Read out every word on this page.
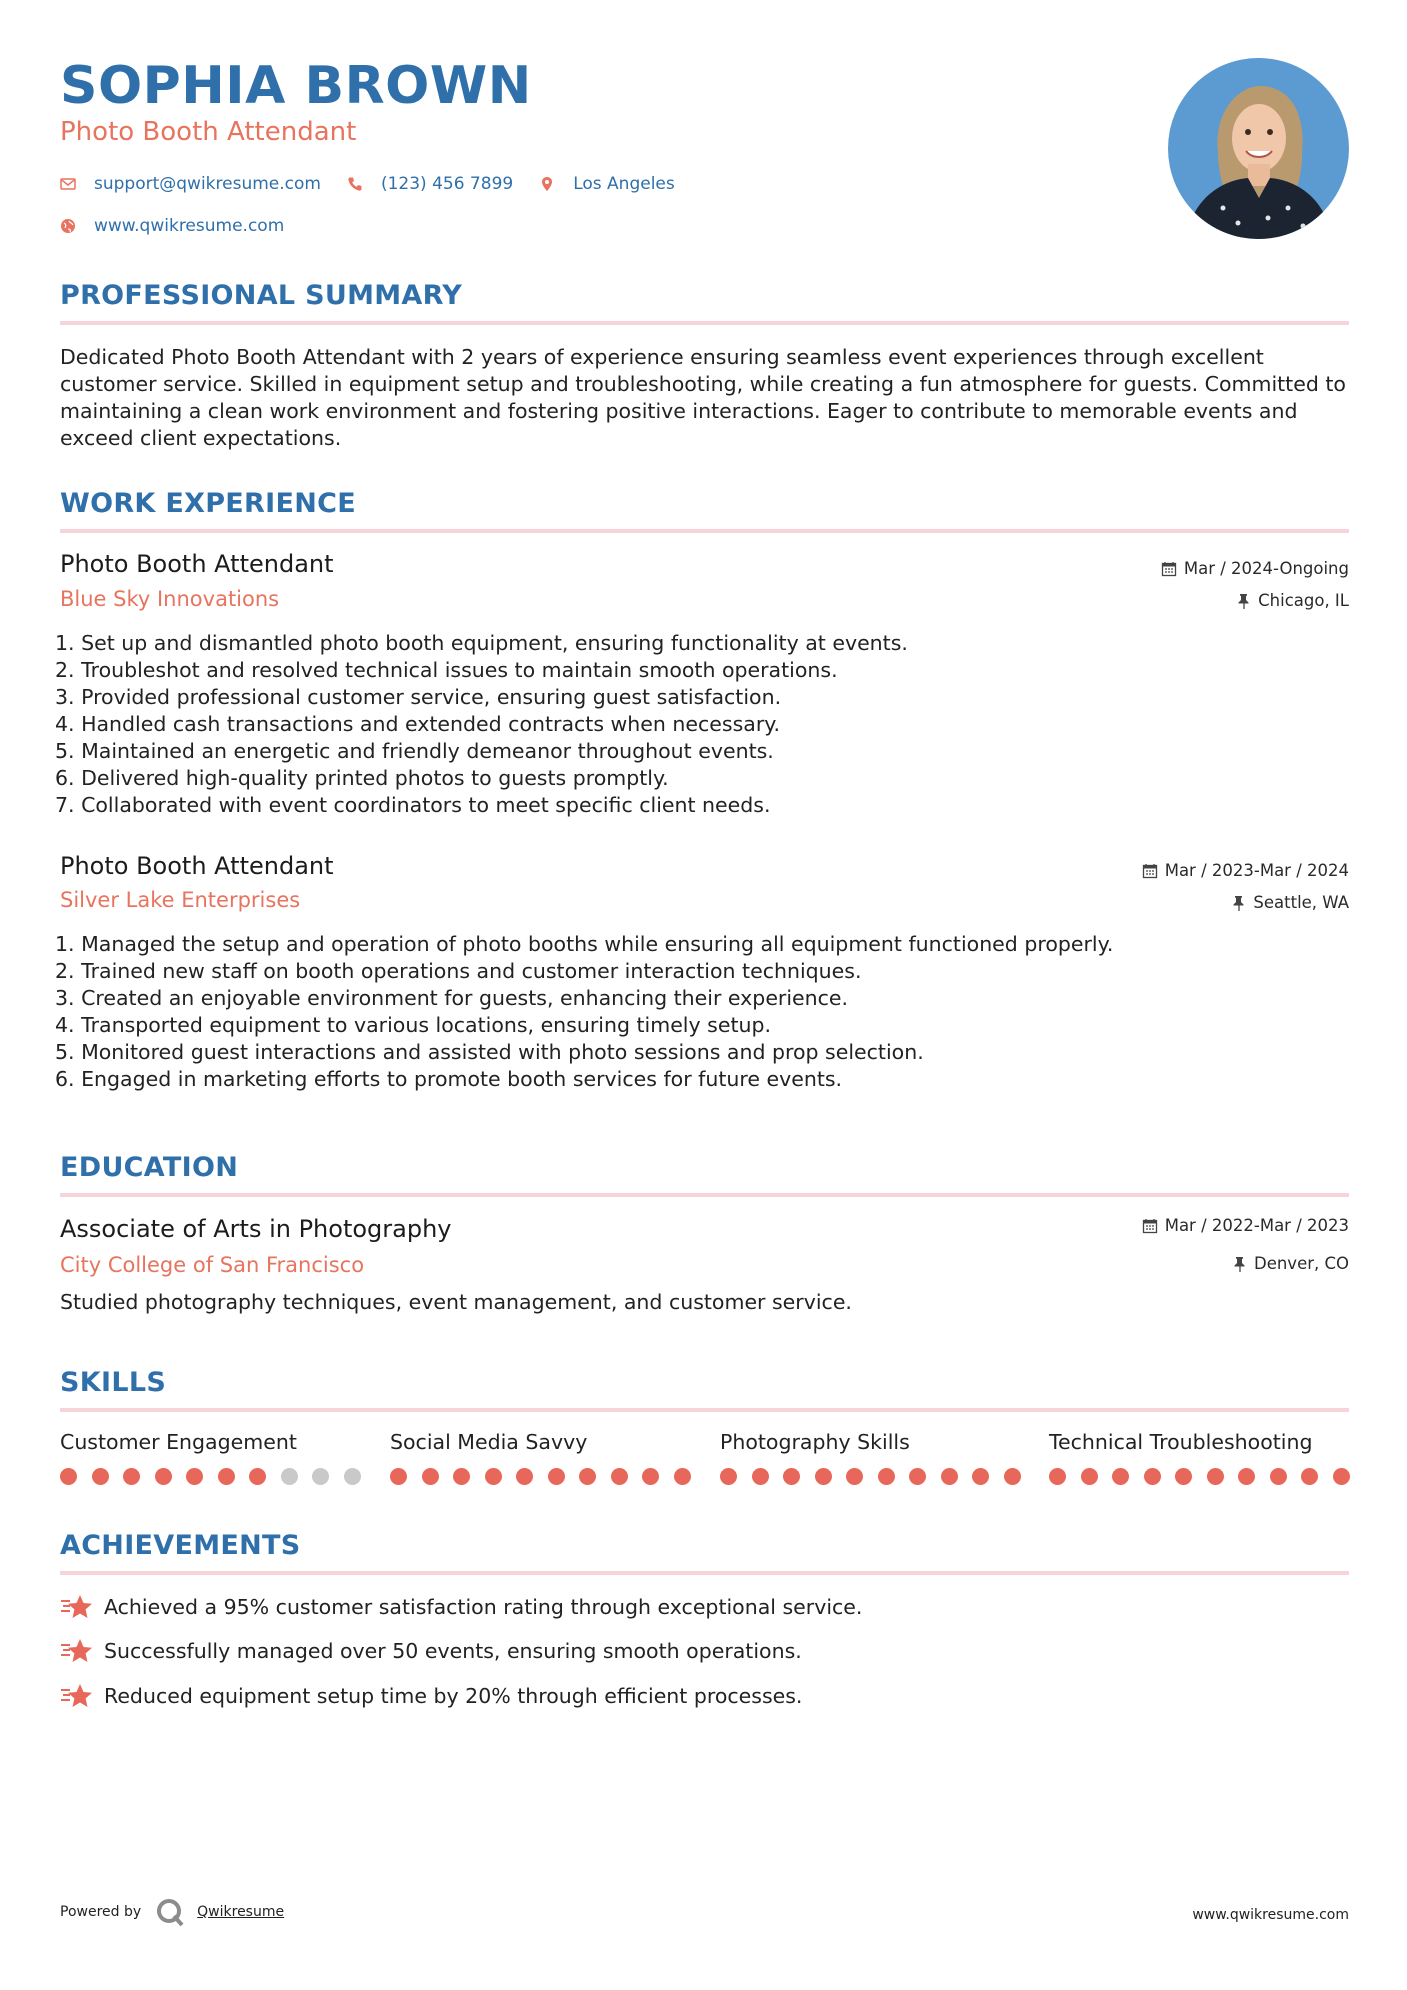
SOPHIA BROWN
Photo Booth Attendant
support@qwikresume.com	(123) 456 7899	Los Angeles
www.qwikresume.com
PROFESSIONAL SUMMARY
Dedicated Photo Booth Attendant with 2 years of experience ensuring seamless event experiences through excellent customer service. Skilled in equipment setup and troubleshooting, while creating a fun atmosphere for guests. Committed to maintaining a clean work environment and fostering positive interactions. Eager to contribute to memorable events and exceed client expectations.
WORK EXPERIENCE
Photo Booth Attendant	Mar / 2024-Ongoing
Blue Sky Innovations	Chicago, IL
1. Set up and dismantled photo booth equipment, ensuring functionality at events.
2. Troubleshot and resolved technical issues to maintain smooth operations.
3. Provided professional customer service, ensuring guest satisfaction.
4. Handled cash transactions and extended contracts when necessary.
5. Maintained an energetic and friendly demeanor throughout events.
6. Delivered high-quality printed photos to guests promptly.
7. Collaborated with event coordinators to meet specific client needs.
Photo Booth Attendant	Mar / 2023-Mar / 2024
Silver Lake Enterprises	Seattle, WA
1. Managed the setup and operation of photo booths while ensuring all equipment functioned properly.
2. Trained new staff on booth operations and customer interaction techniques.
3. Created an enjoyable environment for guests, enhancing their experience.
4. Transported equipment to various locations, ensuring timely setup.
5. Monitored guest interactions and assisted with photo sessions and prop selection.
6. Engaged in marketing efforts to promote booth services for future events.
EDUCATION
Associate of Arts in Photography	Mar / 2022-Mar / 2023
City College of San Francisco	Denver, CO
Studied photography techniques, event management, and customer service.
SKILLS
Customer Engagement	Social Media Savvy	Photography Skills	Technical Troubleshooting
ACHIEVEMENTS
Achieved a 95% customer satisfaction rating through exceptional service.
Successfully managed over 50 events, ensuring smooth operations.
Reduced equipment setup time by 20% through efficient processes.
Powered by	Qwikresume	www.qwikresume.com
